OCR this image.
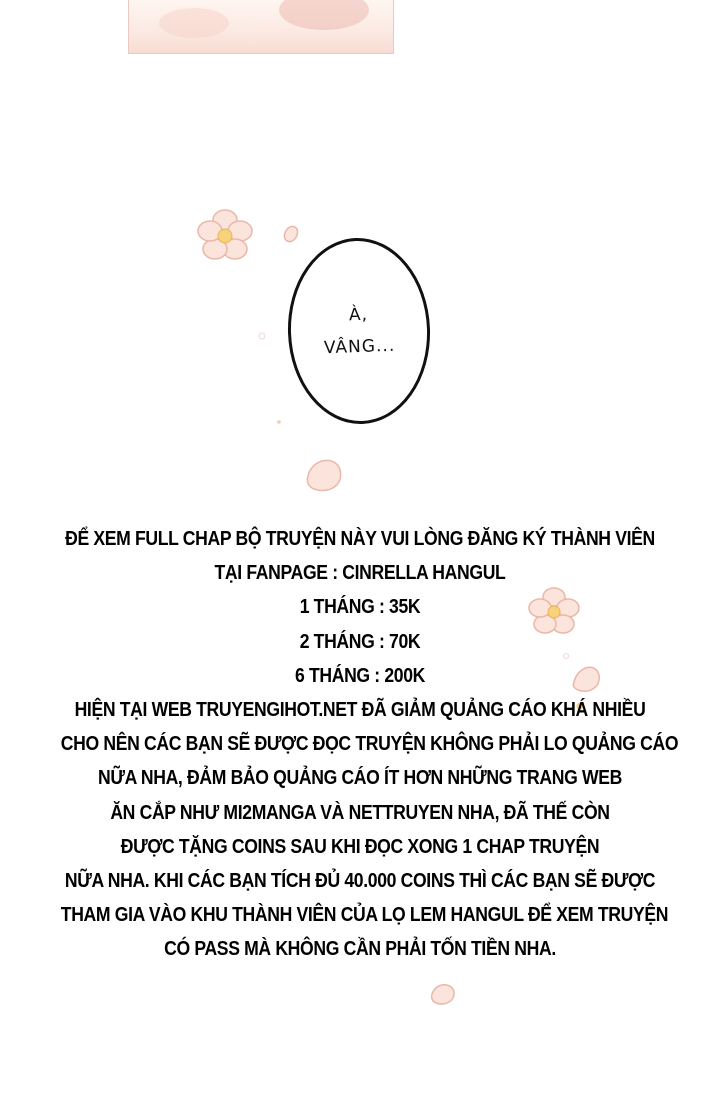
À,
VÂNG...
ĐỂ XEM FULL CHAP BỘ TRUYỆN NÀY VUI LÒNG ĐĂNG KÝ THÀNH VIÊN
TẠI FANPAGE : CINRELLA HANGUL
1 THÁNG : 35K
2 THÁNG : 70K
6 THÁNG : 200K
HIỆN TẠI WEB TRUYENGIHOT.NET ĐÃ GIẢM QUẢNG CÁO KHÁ NHIỀU
CHO NÊN CÁC BẠN SẼ ĐƯỢC ĐỌC TRUYỆN KHÔNG PHẢI LO QUẢNG CÁO
NỮA NHA, ĐẢM BẢO QUẢNG CÁO ÍT HƠN NHỮNG TRANG WEB
ĂN CẮP NHƯ MI2MANGA VÀ NETTRUYEN NHA, ĐÃ THẾ CÒN
ĐƯỢC TẶNG COINS SAU KHI ĐỌC XONG 1 CHAP TRUYỆN
NỮA NHA. KHI CÁC BẠN TÍCH ĐỦ 40.000 COINS THÌ CÁC BẠN SẼ ĐƯỢC
THAM GIA VÀO KHU THÀNH VIÊN CỦA LỌ LEM HANGUL ĐỂ XEM TRUYỆN
CÓ PASS MÀ KHÔNG CẦN PHẢI TỐN TIỀN NHA.
